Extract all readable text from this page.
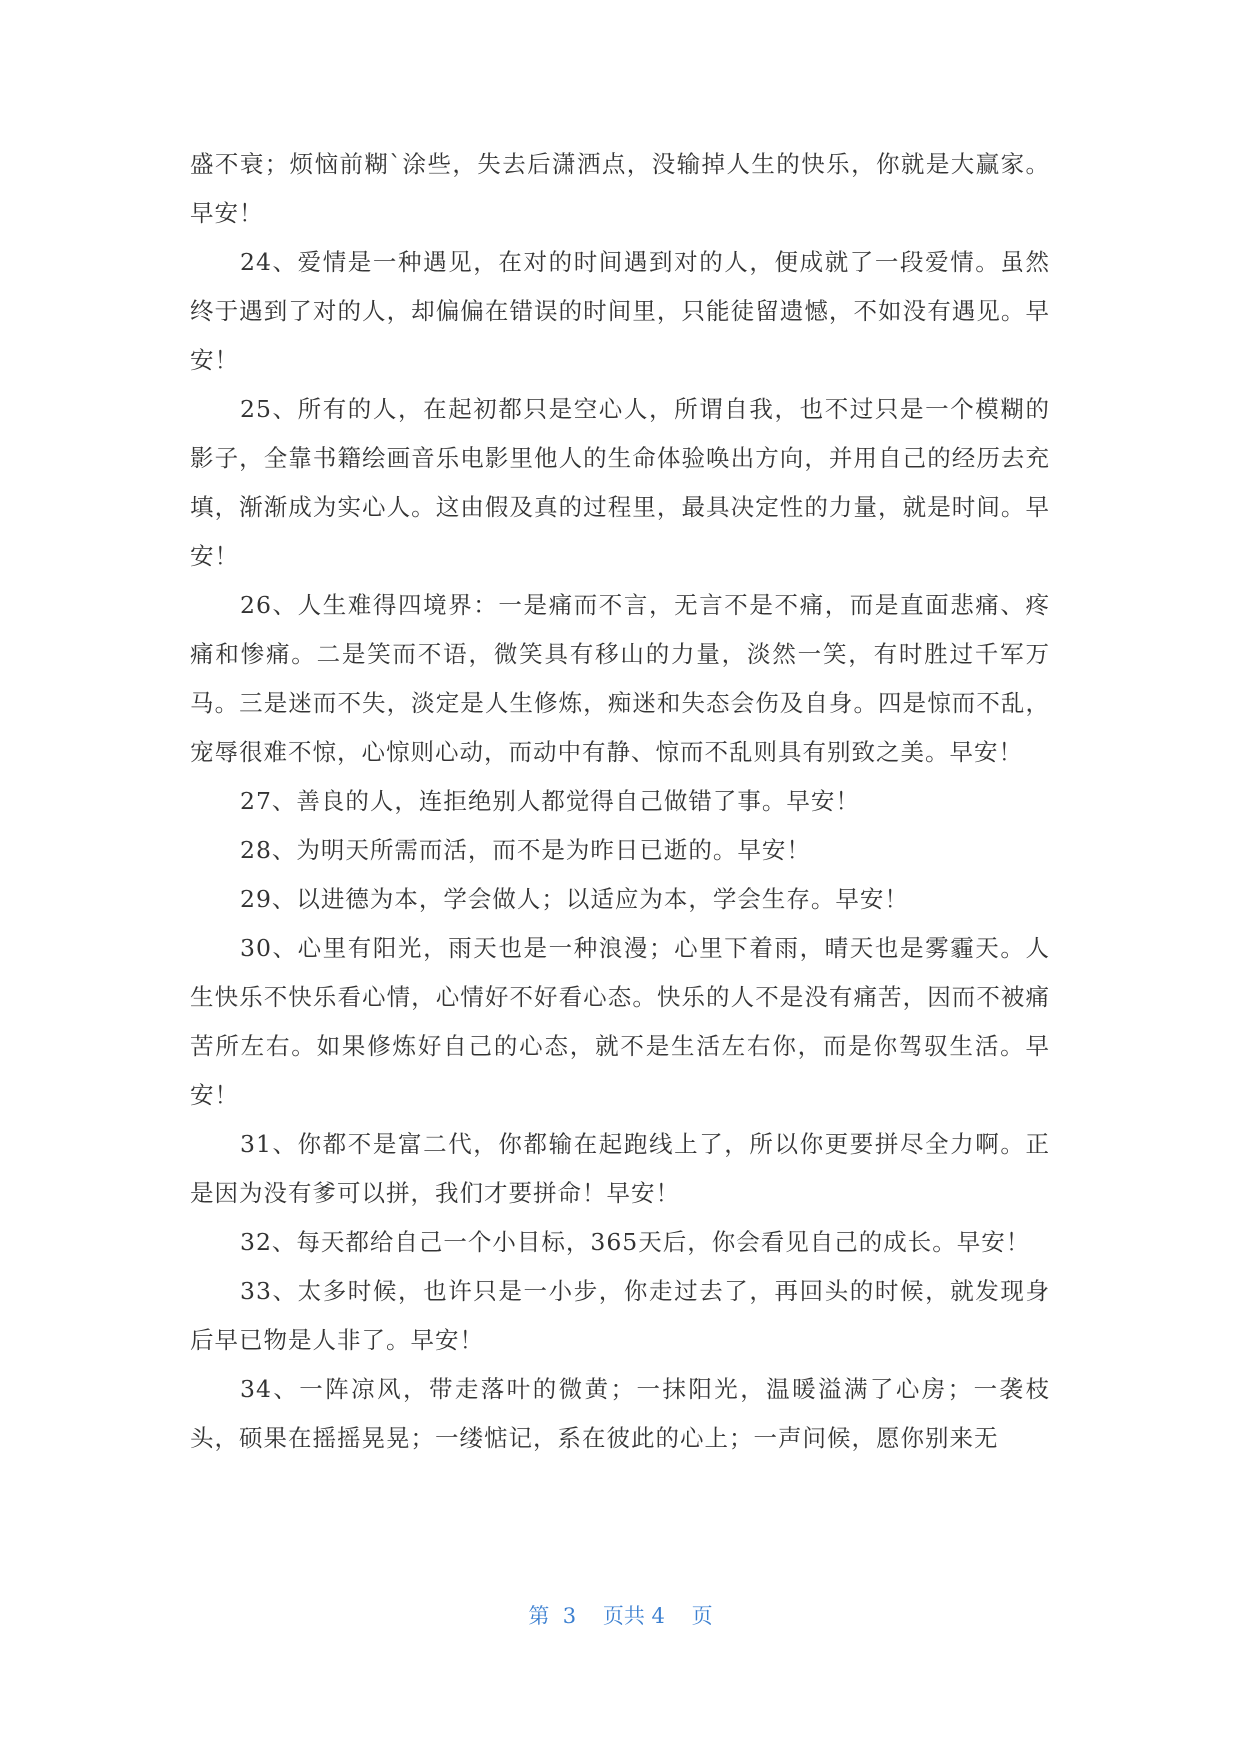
盛不衰；烦恼前糊`涂些，失去后潇洒点，没输掉人生的快乐，你就是大赢家。早安！

24、爱情是一种遇见，在对的时间遇到对的人，便成就了一段爱情。虽然终于遇到了对的人，却偏偏在错误的时间里，只能徒留遗憾，不如没有遇见。早安！

25、所有的人，在起初都只是空心人，所谓自我，也不过只是一个模糊的影子，全靠书籍绘画音乐电影里他人的生命体验唤出方向，并用自己的经历去充填，渐渐成为实心人。这由假及真的过程里，最具决定性的力量，就是时间。早安！

26、人生难得四境界：一是痛而不言，无言不是不痛，而是直面悲痛、疼痛和惨痛。二是笑而不语，微笑具有移山的力量，淡然一笑，有时胜过千军万马。三是迷而不失，淡定是人生修炼，痴迷和失态会伤及自身。四是惊而不乱，宠辱很难不惊，心惊则心动，而动中有静、惊而不乱则具有别致之美。早安！

27、善良的人，连拒绝别人都觉得自己做错了事。早安！

28、为明天所需而活，而不是为昨日已逝的。早安！

29、以进德为本，学会做人；以适应为本，学会生存。早安！

30、心里有阳光，雨天也是一种浪漫；心里下着雨，晴天也是雾霾天。人生快乐不快乐看心情，心情好不好看心态。快乐的人不是没有痛苦，因而不被痛苦所左右。如果修炼好自己的心态，就不是生活左右你，而是你驾驭生活。早安！

31、你都不是富二代，你都输在起跑线上了，所以你更要拼尽全力啊。正是因为没有爹可以拼，我们才要拼命！早安！

32、每天都给自己一个小目标，365天后，你会看见自己的成长。早安！

33、太多时候，也许只是一小步，你走过去了，再回头的时候，就发现身后早已物是人非了。早安！

34、一阵凉风，带走落叶的微黄；一抹阳光，温暖溢满了心房；一袭枝头，硕果在摇摇晃晃；一缕惦记，系在彼此的心上；一声问候，愿你别来无

第 3 页共 4 页
